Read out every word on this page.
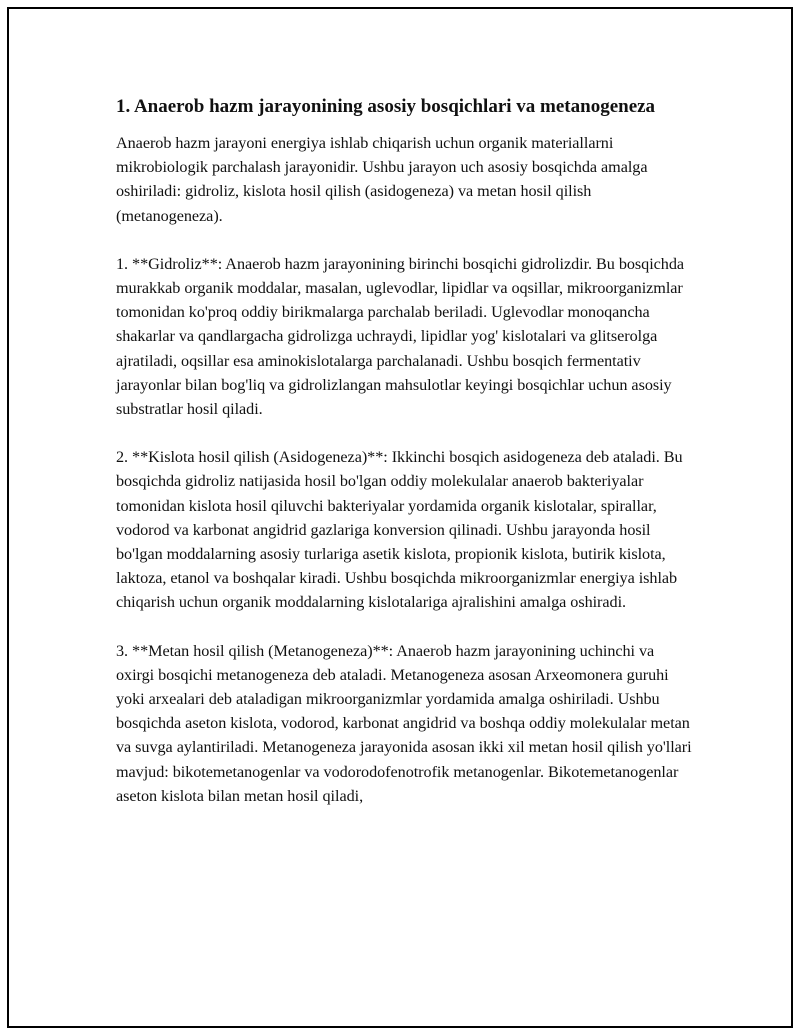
1. Anaerob hazm jarayonining asosiy bosqichlari va metanogeneza

Anaerob hazm jarayoni energiya ishlab chiqarish uchun organik materiallarni mikrobiologik parchalash jarayonidir. Ushbu jarayon uch asosiy bosqichda amalga oshiriladi: gidroliz, kislota hosil qilish (asidogeneza) va metan hosil qilish (metanogeneza).

1. **Gidroliz**: Anaerob hazm jarayonining birinchi bosqichi gidrolizdir. Bu bosqichda murakkab organik moddalar, masalan, uglevodlar, lipidlar va oqsillar, mikroorganizmlar tomonidan ko'proq oddiy birikmalarga parchalab beriladi. Uglevodlar monoqancha shakarlar va qandlargacha gidrolizga uchraydi, lipidlar yog' kislotalari va glitserolga ajratiladi, oqsillar esa aminokislotalarga parchalanadi. Ushbu bosqich fermentativ jarayonlar bilan bog'liq va gidrolizlangan mahsulotlar keyingi bosqichlar uchun asosiy substratlar hosil qiladi.

2. **Kislota hosil qilish (Asidogeneza)**: Ikkinchi bosqich asidogeneza deb ataladi. Bu bosqichda gidroliz natijasida hosil bo'lgan oddiy molekulalar anaerob bakteriyalar tomonidan kislota hosil qiluvchi bakteriyalar yordamida organik kislotalar, spirallar, vodorod va karbonat angidrid gazlariga konversion qilinadi. Ushbu jarayonda hosil bo'lgan moddalarning asosiy turlariga asetik kislota, propionik kislota, butirik kislota, laktoza, etanol va boshqalar kiradi. Ushbu bosqichda mikroorganizmlar energiya ishlab chiqarish uchun organik moddalarning kislotalariga ajralishini amalga oshiradi.

3. **Metan hosil qilish (Metanogeneza)**: Anaerob hazm jarayonining uchinchi va oxirgi bosqichi metanogeneza deb ataladi. Metanogeneza asosan Arxeomonera guruhi yoki arxealari deb ataladigan mikroorganizmlar yordamida amalga oshiriladi. Ushbu bosqichda aseton kislota, vodorod, karbonat angidrid va boshqa oddiy molekulalar metan va suvga aylantiriladi. Metanogeneza jarayonida asosan ikki xil metan hosil qilish yo'llari mavjud: bikotemetanogenlar va vodorodofenotrofik metanogenlar. Bikotemetanogenlar aseton kislota bilan metan hosil qiladi,
